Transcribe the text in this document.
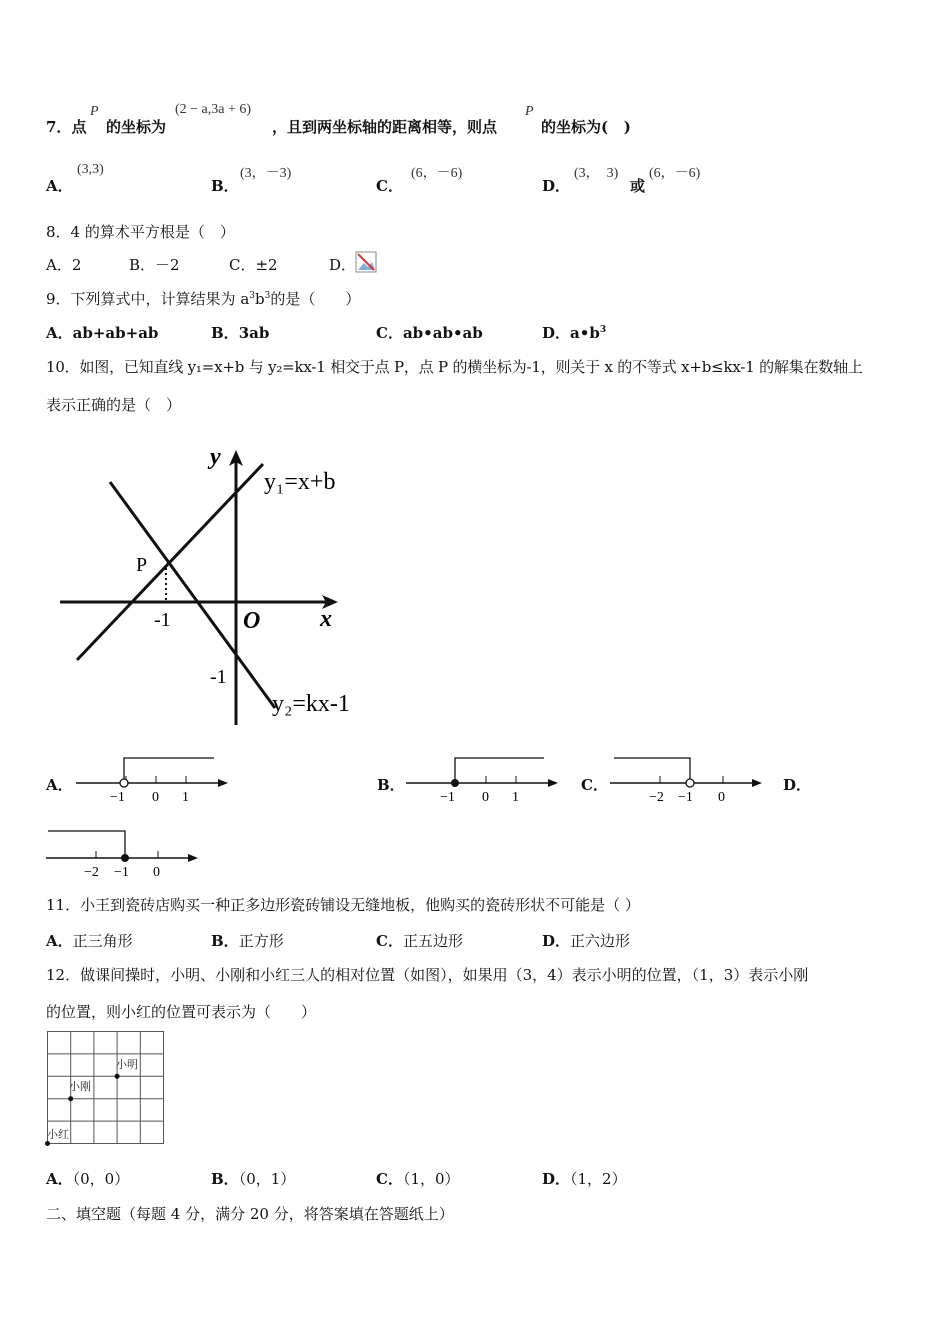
7．点
P
的坐标为
(2 − a,3a + 6)
，且到两坐标轴的距离相等，则点
P
的坐标为( )
A．
(3,3)
B．
(3，－3)
C．
(6，－6)
D．
(3，　3)
或
(6，－6)
8．4 的算术平方根是（　）
A．2	B．－2	C．±2	D．
9．下列算式中，计算结果为 $a^3b^3$的是（　　）
A．ab+ab+ab	B．3ab	C．ab•ab•ab	D．$a•b^3$
10．如图，已知直线 y₁=x+b 与 y₂=kx-1 相交于点 P，点 P 的横坐标为-1，则关于 x 的不等式 x+b≤kx-1 的解集在数轴上
表示正确的是（　）
y
x
O
P
-1
-1
y₁=x+b
y₂=kx-1
A．
−1 0 1
B．
−1 0 1
C．
−2 −1 0
D．
−2 −1 0
11．小王到瓷砖店购买一种正多边形瓷砖铺设无缝地板，他购买的瓷砖形状不可能是（ ）
A．正三角形	B．正方形	C．正五边形	D．正六边形
12．做课间操时，小明、小刚和小红三人的相对位置（如图），如果用（3，4）表示小明的位置，（1，3）表示小刚
的位置，则小红的位置可表示为（　　）
小明
小刚
小红
A．（0，0）	B．（0，1）	C．（1，0）	D．（1，2）
二、填空题（每题 4 分，满分 20 分，将答案填在答题纸上）
